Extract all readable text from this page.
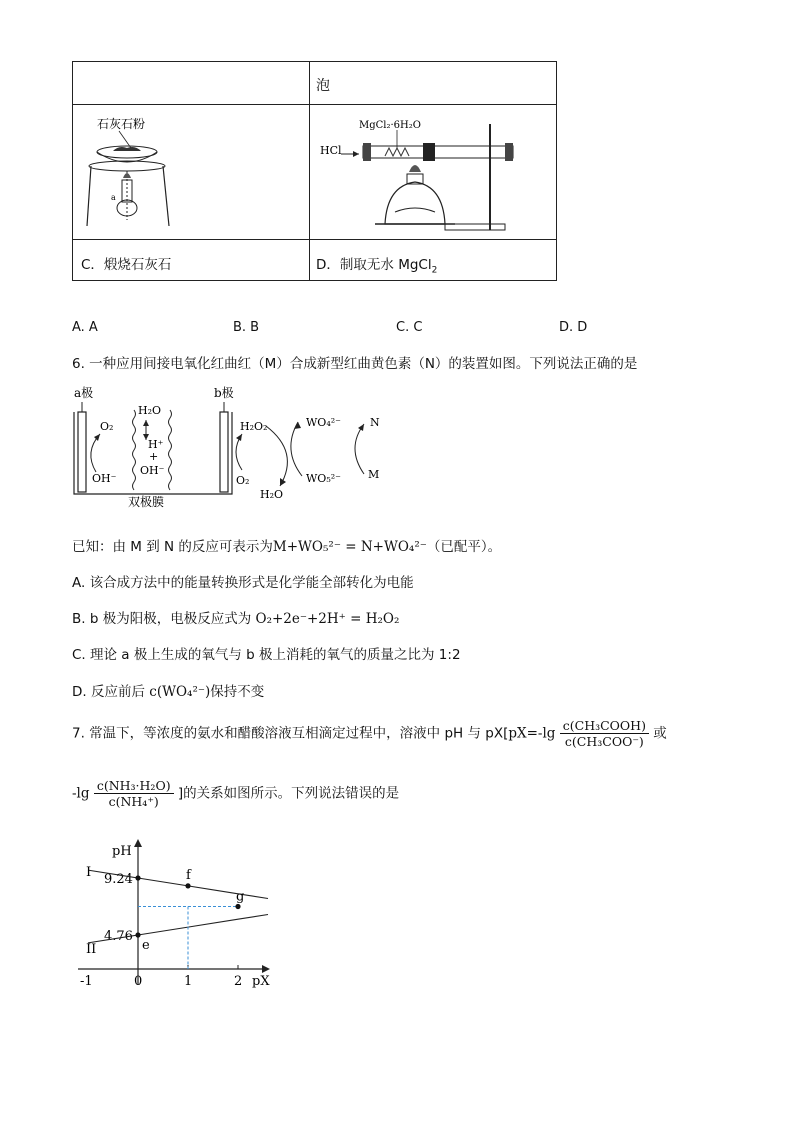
泡
石灰石粉
a
HCl
MgCl₂·6H₂O
C．煅烧石灰石	D．制取无水 MgCl$_2$
A. A	B. B	C. C	D. D
6. 一种应用间接电氧化红曲红（M）合成新型红曲黄色素（N）的装置如图。下列说法正确的是
a极	b极
双极膜
O₂
OH⁻
H₂O
H⁺
+
OH⁻
H₂O₂
O₂
H₂O
WO₄²⁻
WO₅²⁻
N
M
已知：由 M 到 N 的反应可表示为M+WO₅²⁻ = N+WO₄²⁻（已配平）。
A. 该合成方法中的能量转换形式是化学能全部转化为电能
B. b 极为阳极，电极反应式为 O₂+2e⁻+2H⁺ = H₂O₂
C. 理论 a 极上生成的氧气与 b 极上消耗的氧气的质量之比为 1:2
D. 反应前后 c(WO₄²⁻)保持不变
7. 常温下，等浓度的氨水和醋酸溶液互相滴定过程中，溶液中 pH 与 $pX[pX=-\lg \frac{\text{c(CH₃COOH)}}{\text{c(CH₃COO⁻)}}$ 或
$-\lg \frac{\text{c(NH₃·H₂O)}}{\text{c(NH₄⁺)}}$ ]的关系如图所示。下列说法错误的是
pH
pX
-1	0	1	2
9.24
4.76
I
II	e
f
g
